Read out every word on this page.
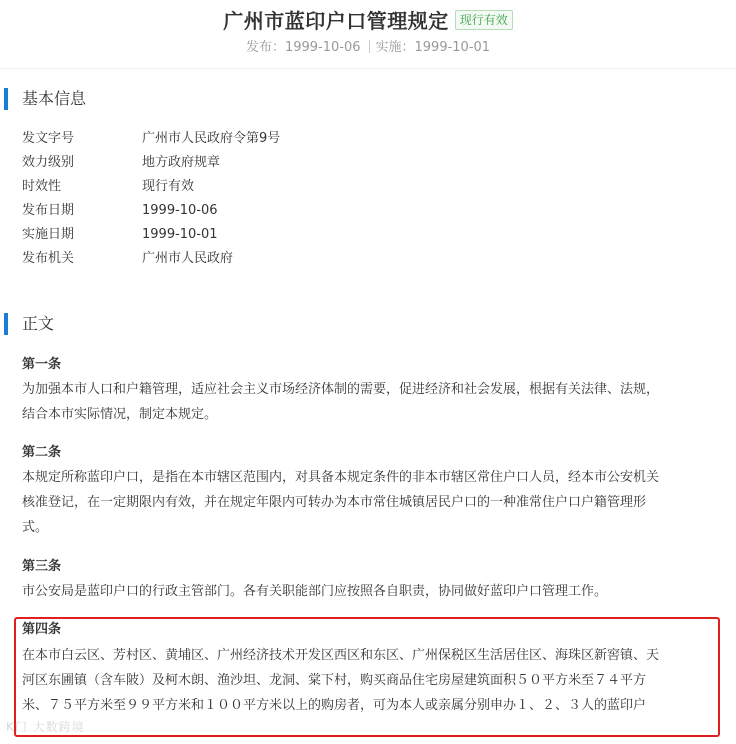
广州市蓝印户口管理规定 现行有效
发布：1999-10-06 实施：1999-10-01
基本信息
发文字号	广州市人民政府令第9号
效力级别	地方政府规章
时效性	现行有效
发布日期	1999-10-06
实施日期	1999-10-01
发布机关	广州市人民政府
正文
第一条
为加强本市人口和户籍管理，适应社会主义市场经济体制的需要，促进经济和社会发展，根据有关法律、法规，
结合本市实际情况，制定本规定。
第二条
本规定所称蓝印户口，是指在本市辖区范围内，对具备本规定条件的非本市辖区常住户口人员，经本市公安机关
核准登记，在一定期限内有效，并在规定年限内可转办为本市常住城镇居民户口的一种准常住户口户籍管理形
式。
第三条
市公安局是蓝印户口的行政主管部门。各有关职能部门应按照各自职责，协同做好蓝印户口管理工作。
第四条
在本市白云区、芳村区、黄埔区、广州经济技术开发区西区和东区、广州保税区生活居住区、海珠区新窖镇、天
河区东圃镇（含车陂）及柯木朗、渔沙坦、龙洞、棠下村，购买商品住宅房屋建筑面积５０平方米至７４平方
米、７５平方米至９９平方米和１００平方米以上的购房者，可为本人或亲属分别申办１、２、３人的蓝印户
K门 大数跨境
